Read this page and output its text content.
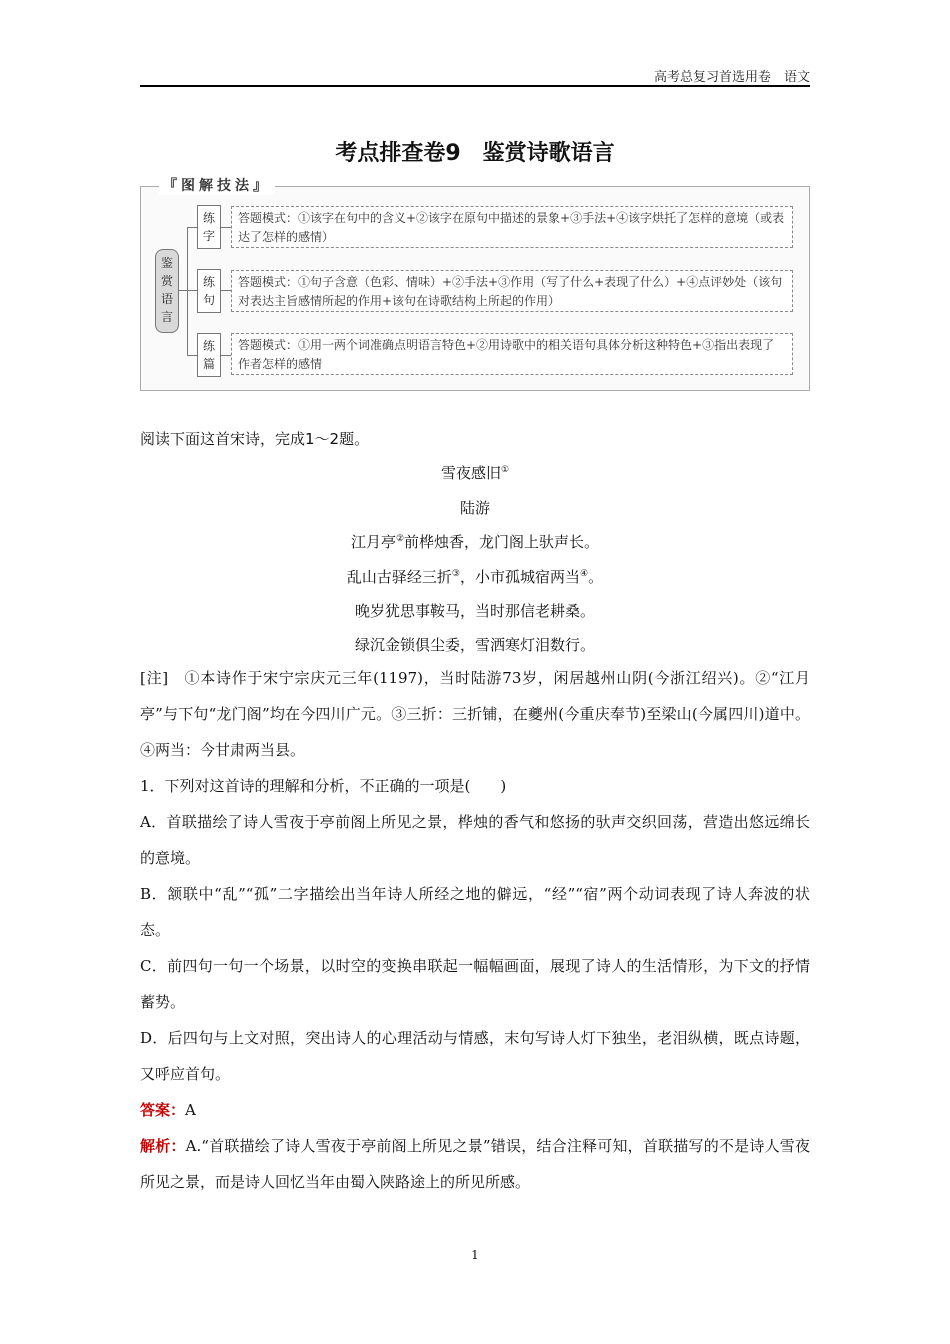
高考总复习首选用卷　语文
考点排查卷9　鉴赏诗歌语言
『图解技法』
鉴赏语言
练字
答题模式：①该字在句中的含义+②该字在原句中描述的景象+③手法+④该字烘托了怎样的意境（或表达了怎样的感情）
练句
答题模式：①句子含意（色彩、情味）+②手法+③作用（写了什么+表现了什么）+④点评妙处（该句对表达主旨感情所起的作用+该句在诗歌结构上所起的作用）
练篇
答题模式：①用一两个词准确点明语言特色+②用诗歌中的相关语句具体分析这种特色+③指出表现了作者怎样的感情
阅读下面这首宋诗，完成1～2题。
雪夜感旧①
陆游
江月亭②前桦烛香，龙门阁上驮声长。
乱山古驿经三折③，小市孤城宿两当④。
晚岁犹思事鞍马，当时那信老耕桑。
绿沉金锁俱尘委，雪洒寒灯泪数行。
[注]　①本诗作于宋宁宗庆元三年(1197)，当时陆游73岁，闲居越州山阴(今浙江绍兴)。②“江月亭”与下句“龙门阁”均在今四川广元。③三折：三折铺，在夔州(今重庆奉节)至梁山(今属四川)道中。④两当：今甘肃两当县。
1．下列对这首诗的理解和分析，不正确的一项是(　　)
A．首联描绘了诗人雪夜于亭前阁上所见之景，桦烛的香气和悠扬的驮声交织回荡，营造出悠远绵长的意境。
B．颔联中“乱”“孤”二字描绘出当年诗人所经之地的僻远，“经”“宿”两个动词表现了诗人奔波的状态。
C．前四句一句一个场景，以时空的变换串联起一幅幅画面，展现了诗人的生活情形，为下文的抒情蓄势。
D．后四句与上文对照，突出诗人的心理活动与情感，末句写诗人灯下独坐，老泪纵横，既点诗题，又呼应首句。
答案：A
解析：A.“首联描绘了诗人雪夜于亭前阁上所见之景”错误，结合注释可知，首联描写的不是诗人雪夜所见之景，而是诗人回忆当年由蜀入陕路途上的所见所感。
1
